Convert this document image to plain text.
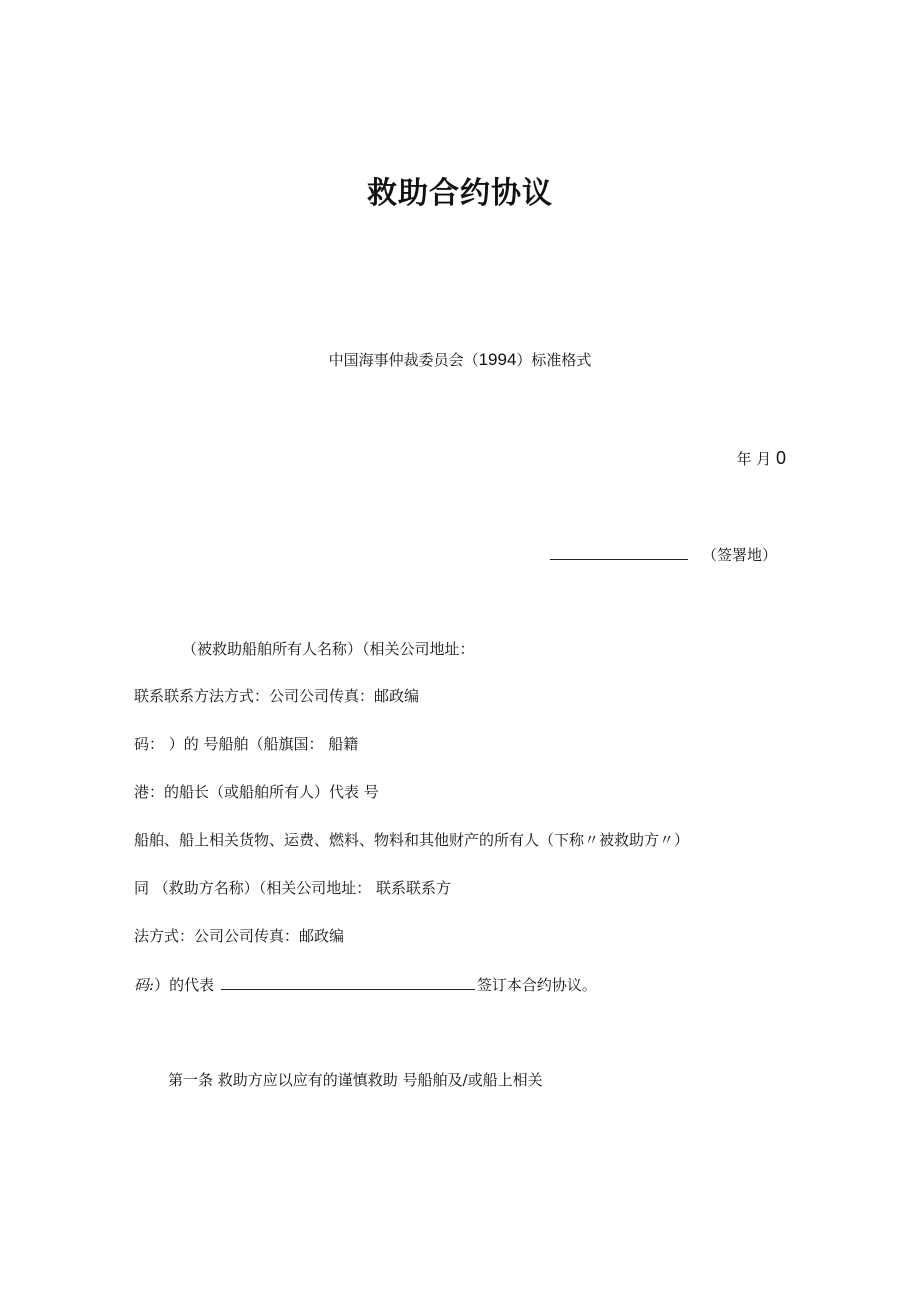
救助合约协议
中国海事仲裁委员会（1994）标准格式
年 月 0
（签署地）
（被救助船舶所有人名称）（相关公司地址：
联系联系方法方式：公司公司传真：邮政编
码： ）的 号船舶（船旗国： 船籍
港：的船长（或船舶所有人）代表 号
船舶、船上相关货物、运费、燃料、物料和其他财产的所有人（下称〃被救助方〃）
同 （救助方名称）（相关公司地址： 联系联系方
法方式：公司公司传真：邮政编
码:）的代表	签订本合约协议。
第一条 救助方应以应有的谨慎救助 号船舶及/或船上相关
